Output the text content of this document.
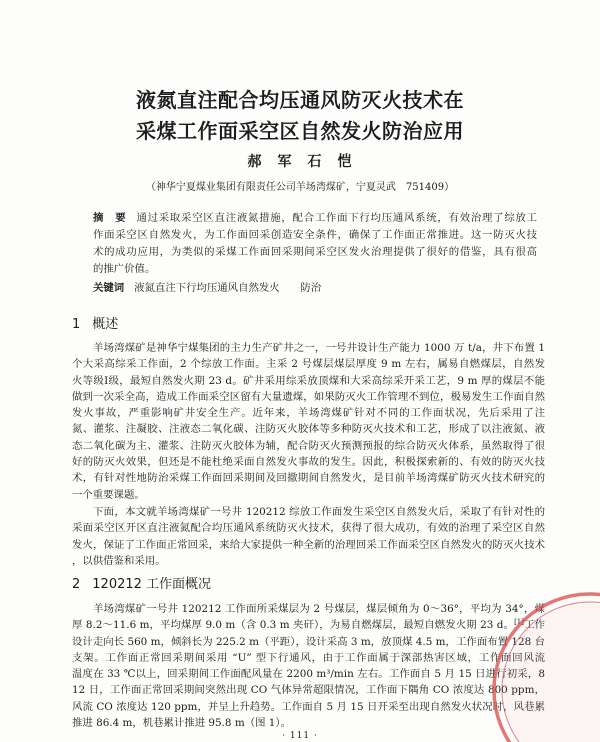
液氮直注配合均压通风防灭火技术在
采煤工作面采空区自然发火防治应用
郝　军　石　恺
（神华宁夏煤业集团有限责任公司羊场湾煤矿，宁夏灵武　751409）
摘　要 通过采取采空区直注液氮措施，配合工作面下行均压通风系统，有效治理了综放工
作面采空区自然发火，为工作面回采创造安全条件，确保了工作面正常推进。这一防灭火技
术的成功应用，为类似的采煤工作面回采期间采空区发火治理提供了很好的借鉴，具有很高
的推广价值。
关键词 液氮直注下行均压通风自然发火　　防治
1 概述
羊场湾煤矿是神华宁煤集团的主力生产矿井之一，一号井设计生产能力 1000 万 t/a，井下布置 1
个大采高综采工作面，2 个综放工作面。主采 2 号煤层煤层厚度 9 m 左右，属易自燃煤层，自然发
火等级Ⅰ级，最短自然发火期 23 d。矿井采用综采放顶煤和大采高综采开采工艺，9 m 厚的煤层不能
做到一次采全高，造成工作面采空区留有大量遗煤，如果防灭火工作管理不到位，极易发生工作面自然
发火事故，严重影响矿井安全生产。近年来，羊场湾煤矿针对不同的工作面状况，先后采用了注
氮、灌浆、注凝胶、注液态二氧化碳、注防灭火胶体等多种防灭火技术和工艺，形成了以注液氮、液
态二氧化碳为主、灌浆、注防灭火胶体为辅，配合防灭火预测预报的综合防灭火体系，虽然取得了很
好的防灭火效果，但还是不能杜绝采面自然发火事故的发生。因此，积极探索新的、有效的防灭火技
术，有针对性地防治采煤工作面回采期间及回撤期间自然发火，是目前羊场湾煤矿防灭火技术研究的
一个重要课题。
下面，本文就羊场湾煤矿一号井 120212 综放工作面发生采空区自然发火后，采取了有针对性的
采面采空区开区直注液氮配合均压通风系统防灭火技术，获得了很大成功，有效的治理了采空区自然
发火，保证了工作面正常回采，来给大家提供一种全新的治理回采工作面采空区自然发火的防灭火技术
，以供借鉴和采用。
2 120212 工作面概况
羊场湾煤矿一号井 120212 工作面所采煤层为 2 号煤层，煤层倾角为 0～36°，平均为 34°，煤
厚 8.2～11.6 m，平均煤厚 9.0 m（含 0.3 m 夹矸），为易自燃煤层，最短自燃发火期 23 d。[1]工作
设计走向长 560 m，倾斜长为 225.2 m（平距），设计采高 3 m，放顶煤 4.5 m，工作面布置 128 台
支架。工作面正常回采期间采用 “U” 型下行通风，由于工作面属于深部热害区域，工作面回风流
温度在 33 ℃以上，回采期间工作面配风量在 2200 m³/min 左右。工作面自 5 月 15 日进行初采，8
12 日，工作面正常回采期间突然出现 CO 气体异常超限情况，工作面下隅角 CO 浓度达 800 ppm，
风流 CO 浓度达 120 ppm，并呈上升趋势。工作面自 5 月 15 日开采至出现自然发火状况时，风巷累
推进 86.4 m，机巷累计推进 95.8 m（图 1）。
· 111 ·
